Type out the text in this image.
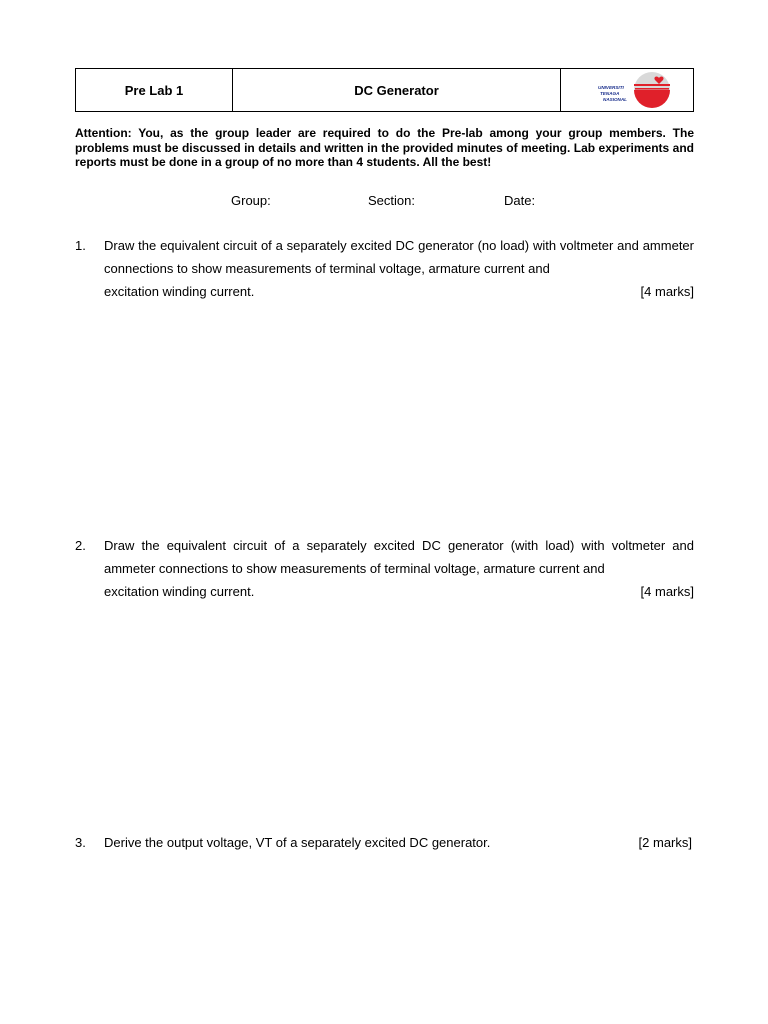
Pre Lab 1	DC Generator	UNIVERSITI
TENAGA
NASIONAL
Attention: You, as the group leader are required to do the Pre-lab among your group members. The problems must be discussed in details and written in the provided minutes of meeting. Lab experiments and reports must be done in a group of no more than 4 students. All the best!
Group:	Section:	Date:
1. Draw the equivalent circuit of a separately excited DC generator (no load) with voltmeter and ammeter connections to show measurements of terminal voltage, armature current and
excitation winding current.	[4 marks]
2. Draw the equivalent circuit of a separately excited DC generator (with load) with voltmeter and ammeter connections to show measurements of terminal voltage, armature current and
excitation winding current.	[4 marks]
3. Derive the output voltage, VT of a separately excited DC generator.	[2 marks]
